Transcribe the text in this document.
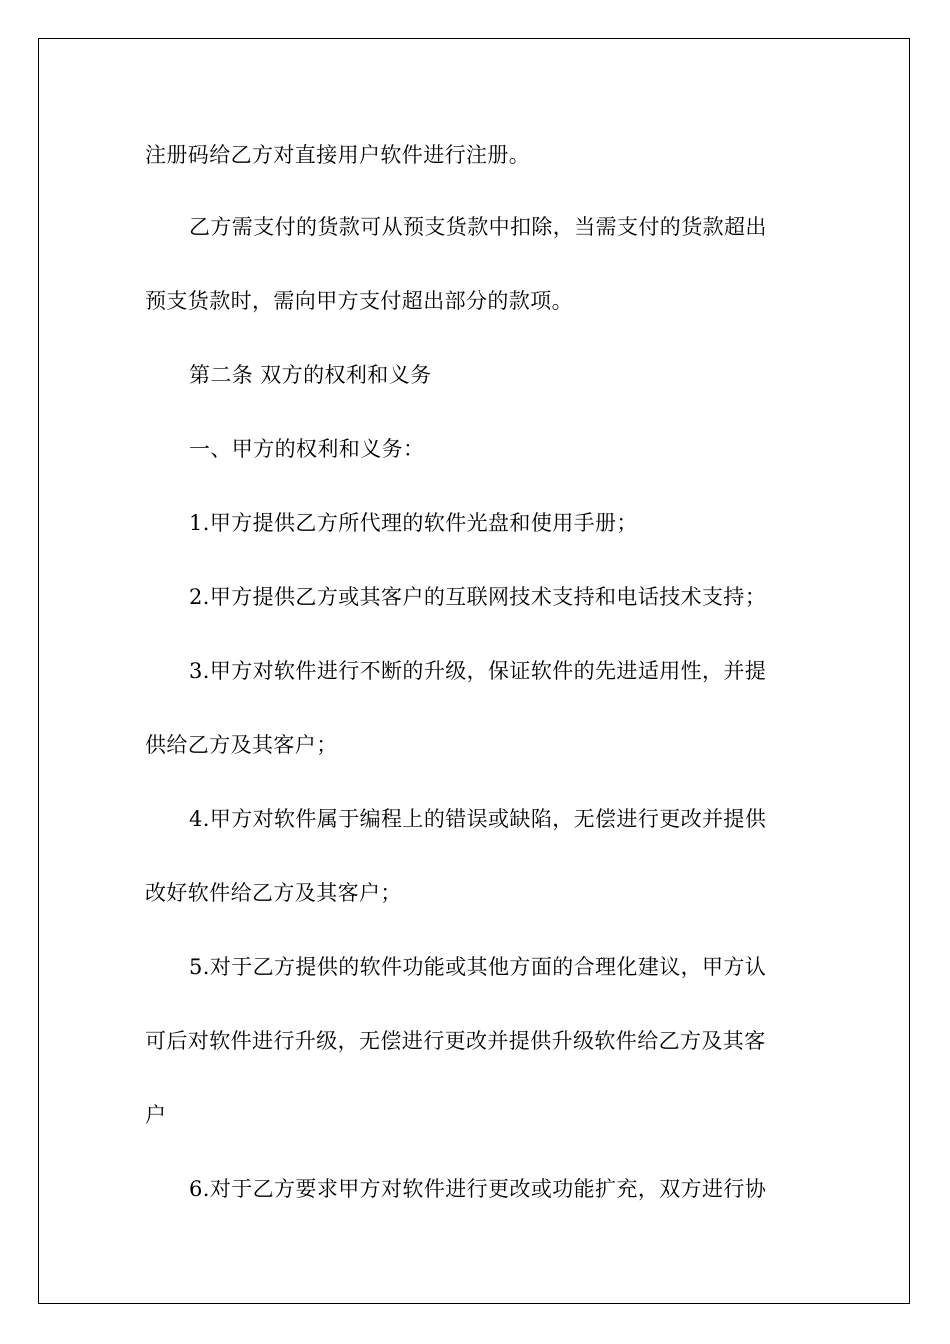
注册码给乙方对直接用户软件进行注册。
乙方需支付的货款可从预支货款中扣除，当需支付的货款超出
预支货款时，需向甲方支付超出部分的款项。
第二条 双方的权利和义务
一、甲方的权利和义务：
1.甲方提供乙方所代理的软件光盘和使用手册；
2.甲方提供乙方或其客户的互联网技术支持和电话技术支持；
3.甲方对软件进行不断的升级，保证软件的先进适用性，并提
供给乙方及其客户；
4.甲方对软件属于编程上的错误或缺陷，无偿进行更改并提供
改好软件给乙方及其客户；
5.对于乙方提供的软件功能或其他方面的合理化建议，甲方认
可后对软件进行升级，无偿进行更改并提供升级软件给乙方及其客
户
6.对于乙方要求甲方对软件进行更改或功能扩充，双方进行协
